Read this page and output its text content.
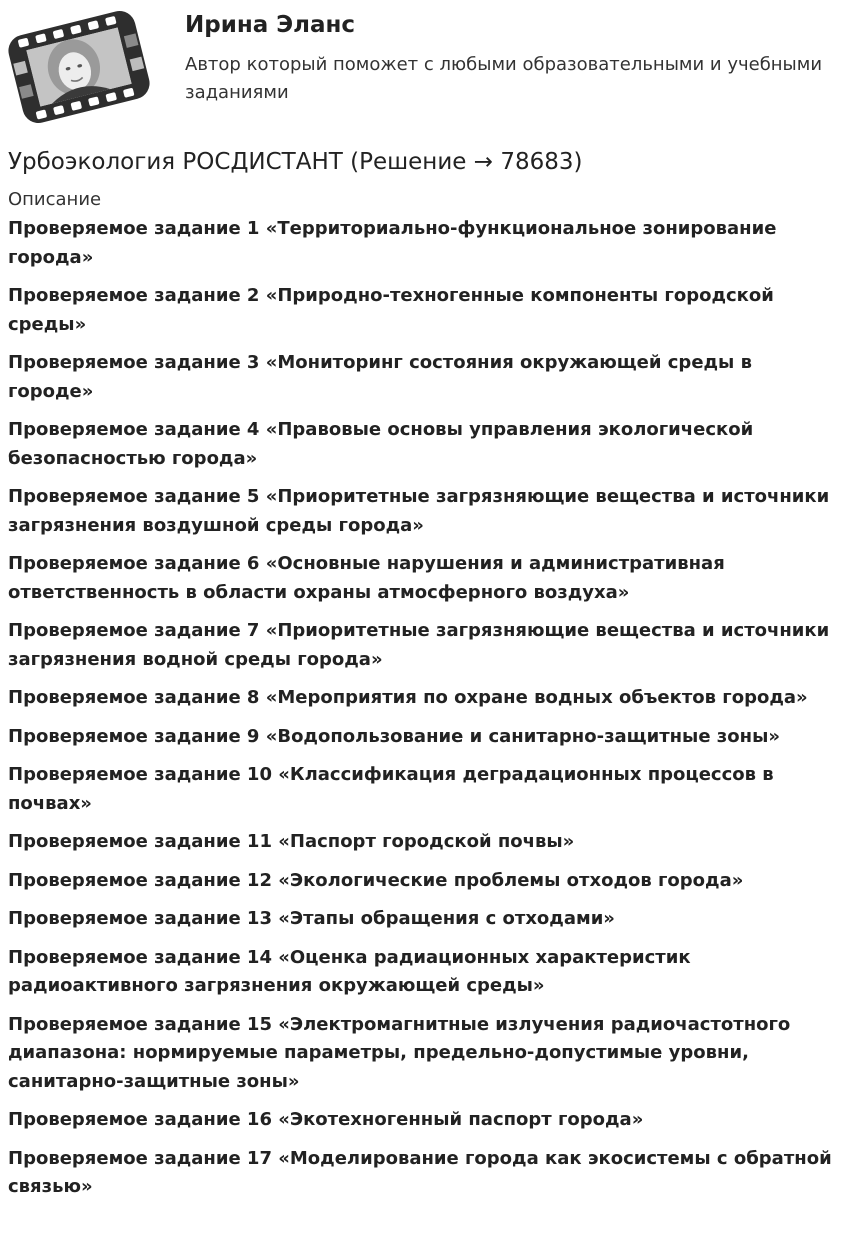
Ирина Эланс

Автор который поможет с любыми образовательными и учебными заданиями

Урбоэкология РОСДИСТАНТ (Решение → 78683)
Описание
Проверяемое задание 1 «Территориально-функциональное зонирование города»
Проверяемое задание 2 «Природно-техногенные компоненты городской среды»
Проверяемое задание 3 «Мониторинг состояния окружающей среды в городе»
Проверяемое задание 4 «Правовые основы управления экологической безопасностью города»
Проверяемое задание 5 «Приоритетные загрязняющие вещества и источники загрязнения воздушной среды города»
Проверяемое задание 6 «Основные нарушения и административная ответственность в области охраны атмосферного воздуха»
Проверяемое задание 7 «Приоритетные загрязняющие вещества и источники загрязнения водной среды города»
Проверяемое задание 8 «Мероприятия по охране водных объектов города»
Проверяемое задание 9 «Водопользование и санитарно-защитные зоны»
Проверяемое задание 10 «Классификация деградационных процессов в почвах»
Проверяемое задание 11 «Паспорт городской почвы»
Проверяемое задание 12 «Экологические проблемы отходов города»
Проверяемое задание 13 «Этапы обращения с отходами»
Проверяемое задание 14 «Оценка радиационных характеристик радиоактивного загрязнения окружающей среды»
Проверяемое задание 15 «Электромагнитные излучения радиочастотного диапазона: нормируемые параметры, предельно-допустимые уровни, санитарно-защитные зоны»
Проверяемое задание 16 «Экотехногенный паспорт города»
Проверяемое задание 17 «Моделирование города как экосистемы с обратной связью»
